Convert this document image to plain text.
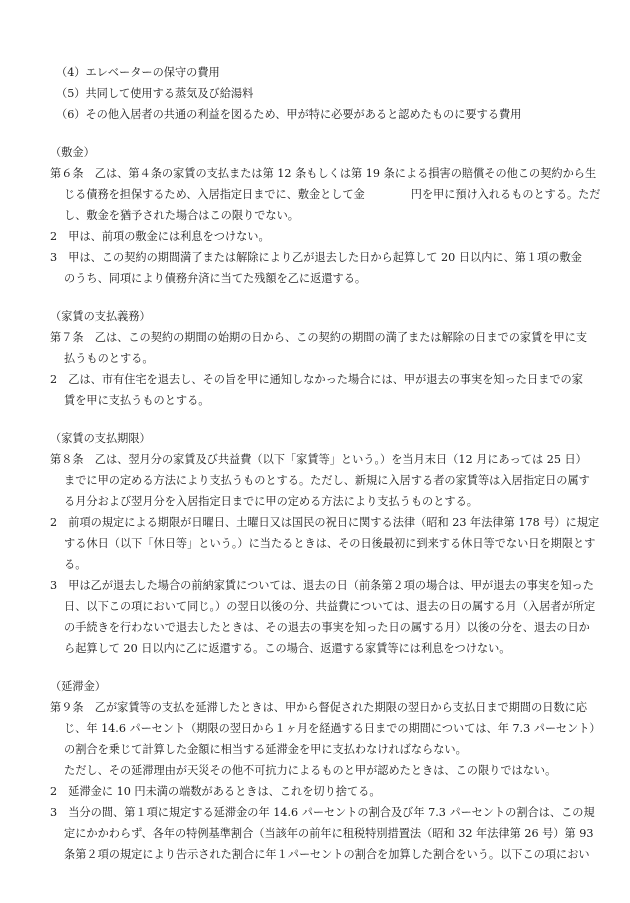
（4）エレベーターの保守の費用
（5）共同して使用する蒸気及び給湯料
（6）その他入居者の共通の利益を図るため、甲が特に必要があると認めたものに要する費用
（敷金）
第６条　乙は、第４条の家賃の支払または第 12 条もしくは第 19 条による損害の賠償その他この契約から生
じる債務を担保するため、入居指定日までに、敷金として金	円を甲に預け入れるものとする。ただ
し、敷金を猶予された場合はこの限りでない。
2　甲は、前項の敷金には利息をつけない。
3　甲は、この契約の期間満了または解除により乙が退去した日から起算して 20 日以内に、第１項の敷金
のうち、同項により債務弁済に当てた残額を乙に返還する。
（家賃の支払義務）
第７条　乙は、この契約の期間の始期の日から、この契約の期間の満了または解除の日までの家賃を甲に支
払うものとする。
2　乙は、市有住宅を退去し、その旨を甲に通知しなかった場合には、甲が退去の事実を知った日までの家
賃を甲に支払うものとする。
（家賃の支払期限）
第８条　乙は、翌月分の家賃及び共益費（以下「家賃等」という。）を当月末日（12 月にあっては 25 日）
までに甲の定める方法により支払うものとする。ただし、新規に入居する者の家賃等は入居指定日の属す
る月分および翌月分を入居指定日までに甲の定める方法により支払うものとする。
2　前項の規定による期限が日曜日、土曜日又は国民の祝日に関する法律（昭和 23 年法律第 178 号）に規定
する休日（以下「休日等」という。）に当たるときは、その日後最初に到来する休日等でない日を期限とす
る。
3　甲は乙が退去した場合の前納家賃については、退去の日（前条第２項の場合は、甲が退去の事実を知った
日、以下この項において同じ。）の翌日以後の分、共益費については、退去の日の属する月（入居者が所定
の手続きを行わないで退去したときは、その退去の事実を知った日の属する月）以後の分を、退去の日か
ら起算して 20 日以内に乙に返還する。この場合、返還する家賃等には利息をつけない。
（延滞金）
第９条　乙が家賃等の支払を延滞したときは、甲から督促された期限の翌日から支払日まで期間の日数に応
じ、年 14.6 パーセント（期限の翌日から１ヶ月を経過する日までの期間については、年 7.3 パーセント）
の割合を乗じて計算した金額に相当する延滞金を甲に支払わなければならない。
ただし、その延滞理由が天災その他不可抗力によるものと甲が認めたときは、この限りではない。
2　延滞金に 10 円未満の端数があるときは、これを切り捨てる。
3　当分の間、第１項に規定する延滞金の年 14.6 パーセントの割合及び年 7.3 パーセントの割合は、この規
定にかかわらず、各年の特例基準割合（当該年の前年に租税特別措置法（昭和 32 年法律第 26 号）第 93
条第２項の規定により告示された割合に年１パーセントの割合を加算した割合をいう。以下この項におい
